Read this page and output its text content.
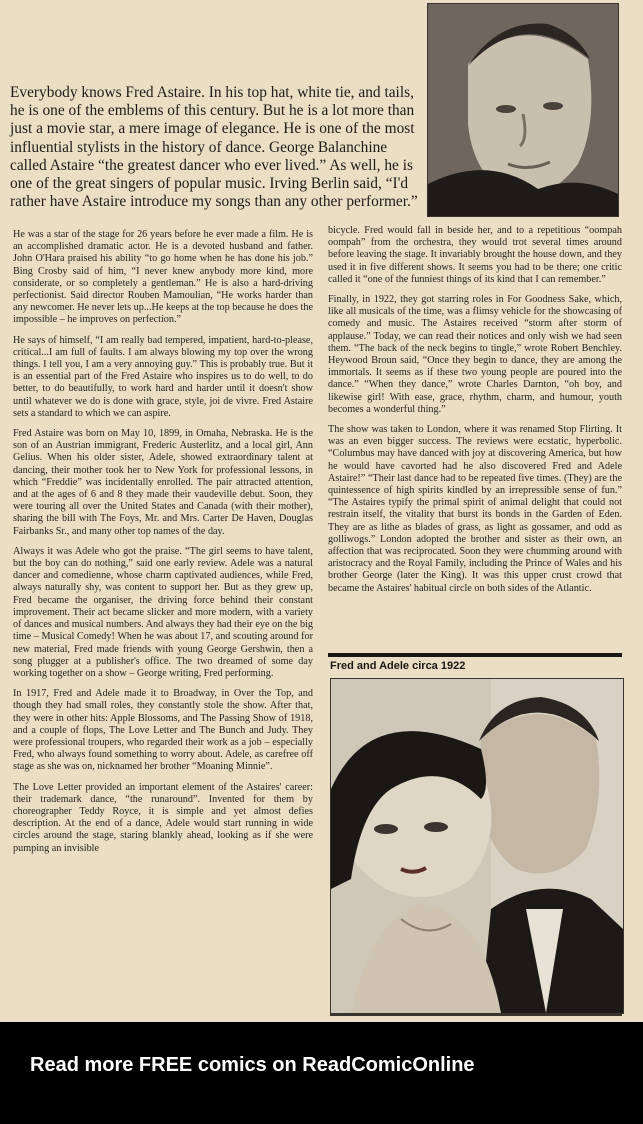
Everybody knows Fred Astaire. In his top hat, white tie, and tails, he is one of the emblems of this century. But he is a lot more than just a movie star, a mere image of elegance. He is one of the most influential stylists in the history of dance. George Balanchine called Astaire “the greatest dancer who ever lived.” As well, he is one of the great singers of popular music. Irving Berlin said, “I'd rather have Astaire introduce my songs than any other performer.”

He was a star of the stage for 26 years before he ever made a film. He is an accomplished dramatic actor. He is a devoted husband and father. John O'Hara praised his ability “to go home when he has done his job.” Bing Crosby said of him, “I never knew anybody more kind, more considerate, or so completely a gentleman.” He is also a hard-driving perfectionist. Said director Rouben Mamoulian, “He works harder than any newcomer. He never lets up...He keeps at the top because he does the impossible – he improves on perfection.”

He says of himself, “I am really bad tempered, impatient, hard-to-please, critical...I am full of faults. I am always blowing my top over the wrong things. I tell you, I am a very annoying guy.” This is probably true. But it is an essential part of the Fred Astaire who inspires us to do well, to do better, to do beautifully, to work hard and harder until it doesn't show until whatever we do is done with grace, style, joi de vivre. Fred Astaire sets a standard to which we can aspire.

Fred Astaire was born on May 10, 1899, in Omaha, Nebraska. He is the son of an Austrian immigrant, Frederic Austerlitz, and a local girl, Ann Gelius. When his older sister, Adele, showed extraordinary talent at dancing, their mother took her to New York for professional lessons, in which “Freddie” was incidentally enrolled. The pair attracted attention, and at the ages of 6 and 8 they made their vaudeville debut. Soon, they were touring all over the United States and Canada (with their mother), sharing the bill with The Foys, Mr. and Mrs. Carter De Haven, Douglas Fairbanks Sr., and many other top names of the day.

Always it was Adele who got the praise. “The girl seems to have talent, but the boy can do nothing,” said one early review. Adele was a natural dancer and comedienne, whose charm captivated audiences, while Fred, always naturally shy, was content to support her. But as they grew up, Fred became the organiser, the driving force behind their constant improvement. Their act became slicker and more modern, with a variety of dances and musical numbers. And always they had their eye on the big time – Musical Comedy! When he was about 17, and scouting around for new material, Fred made friends with young George Gershwin, then a song plugger at a publisher's office. The two dreamed of some day working together on a show – George writing, Fred performing.

In 1917, Fred and Adele made it to Broadway, in Over the Top, and though they had small roles, they constantly stole the show. After that, they were in other hits: Apple Blossoms, and The Passing Show of 1918, and a couple of flops, The Love Letter and The Bunch and Judy. They were professional troupers, who regarded their work as a job – especially Fred, who always found something to worry about. Adele, as carefree off stage as she was on, nicknamed her brother “Moaning Minnie”.

The Love Letter provided an important element of the Astaires' career: their trademark dance, “the runaround”. Invented for them by choreographer Teddy Royce, it is simple and yet almost defies description. At the end of a dance, Adele would start running in wide circles around the stage, staring blankly ahead, looking as if she were pumping an invisible

bicycle. Fred would fall in beside her, and to a repetitious “oompah oompah” from the orchestra, they would trot several times around before leaving the stage. It invariably brought the house down, and they used it in five different shows. It seems you had to be there; one critic called it “one of the funniest things of its kind that I can remember.”

Finally, in 1922, they got starring roles in For Goodness Sake, which, like all musicals of the time, was a flimsy vehicle for the showcasing of comedy and music. The Astaires received “storm after storm of applause.” Today, we can read their notices and only wish we had seen them. “The back of the neck begins to tingle,” wrote Robert Benchley. Heywood Broun said, “Once they begin to dance, they are among the immortals. It seems as if these two young people are poured into the dance.” “When they dance,” wrote Charles Darnton, “oh boy, and likewise girl! With ease, grace, rhythm, charm, and humour, youth becomes a wonderful thing.”

The show was taken to London, where it was renamed Stop Flirting. It was an even bigger success. The reviews were ecstatic, hyperbolic. “Columbus may have danced with joy at discovering America, but how he would have cavorted had he also discovered Fred and Adele Astaire!” “Their last dance had to be repeated five times. (They) are the quintessence of high spirits kindled by an irrepressible sense of fun.” “The Astaires typify the primal spirit of animal delight that could not restrain itself, the vitality that burst its bonds in the Garden of Eden. They are as lithe as blades of grass, as light as gossamer, and odd as golliwogs.” London adopted the brother and sister as their own, an affection that was reciprocated. Soon they were chumming around with aristocracy and the Royal Family, including the Prince of Wales and his brother George (later the King). It was this upper crust crowd that became the Astaires' habitual circle on both sides of the Atlantic.

Fred and Adele circa 1922

Read more FREE comics on ReadComicOnline
